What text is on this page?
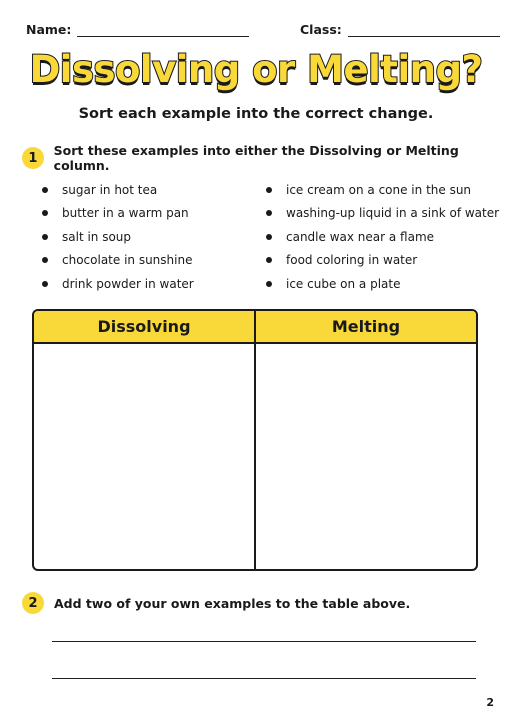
Name:	Class:
Dissolving or Melting?
Sort each example into the correct change.
1	Sort these examples into either the Dissolving or Melting column.
sugar in hot tea
butter in a warm pan
salt in soup
chocolate in sunshine
drink powder in water
ice cream on a cone in the sun
washing-up liquid in a sink of water
candle wax near a flame
food coloring in water
ice cube on a plate
Dissolving	Melting
2	Add two of your own examples to the table above.
2
